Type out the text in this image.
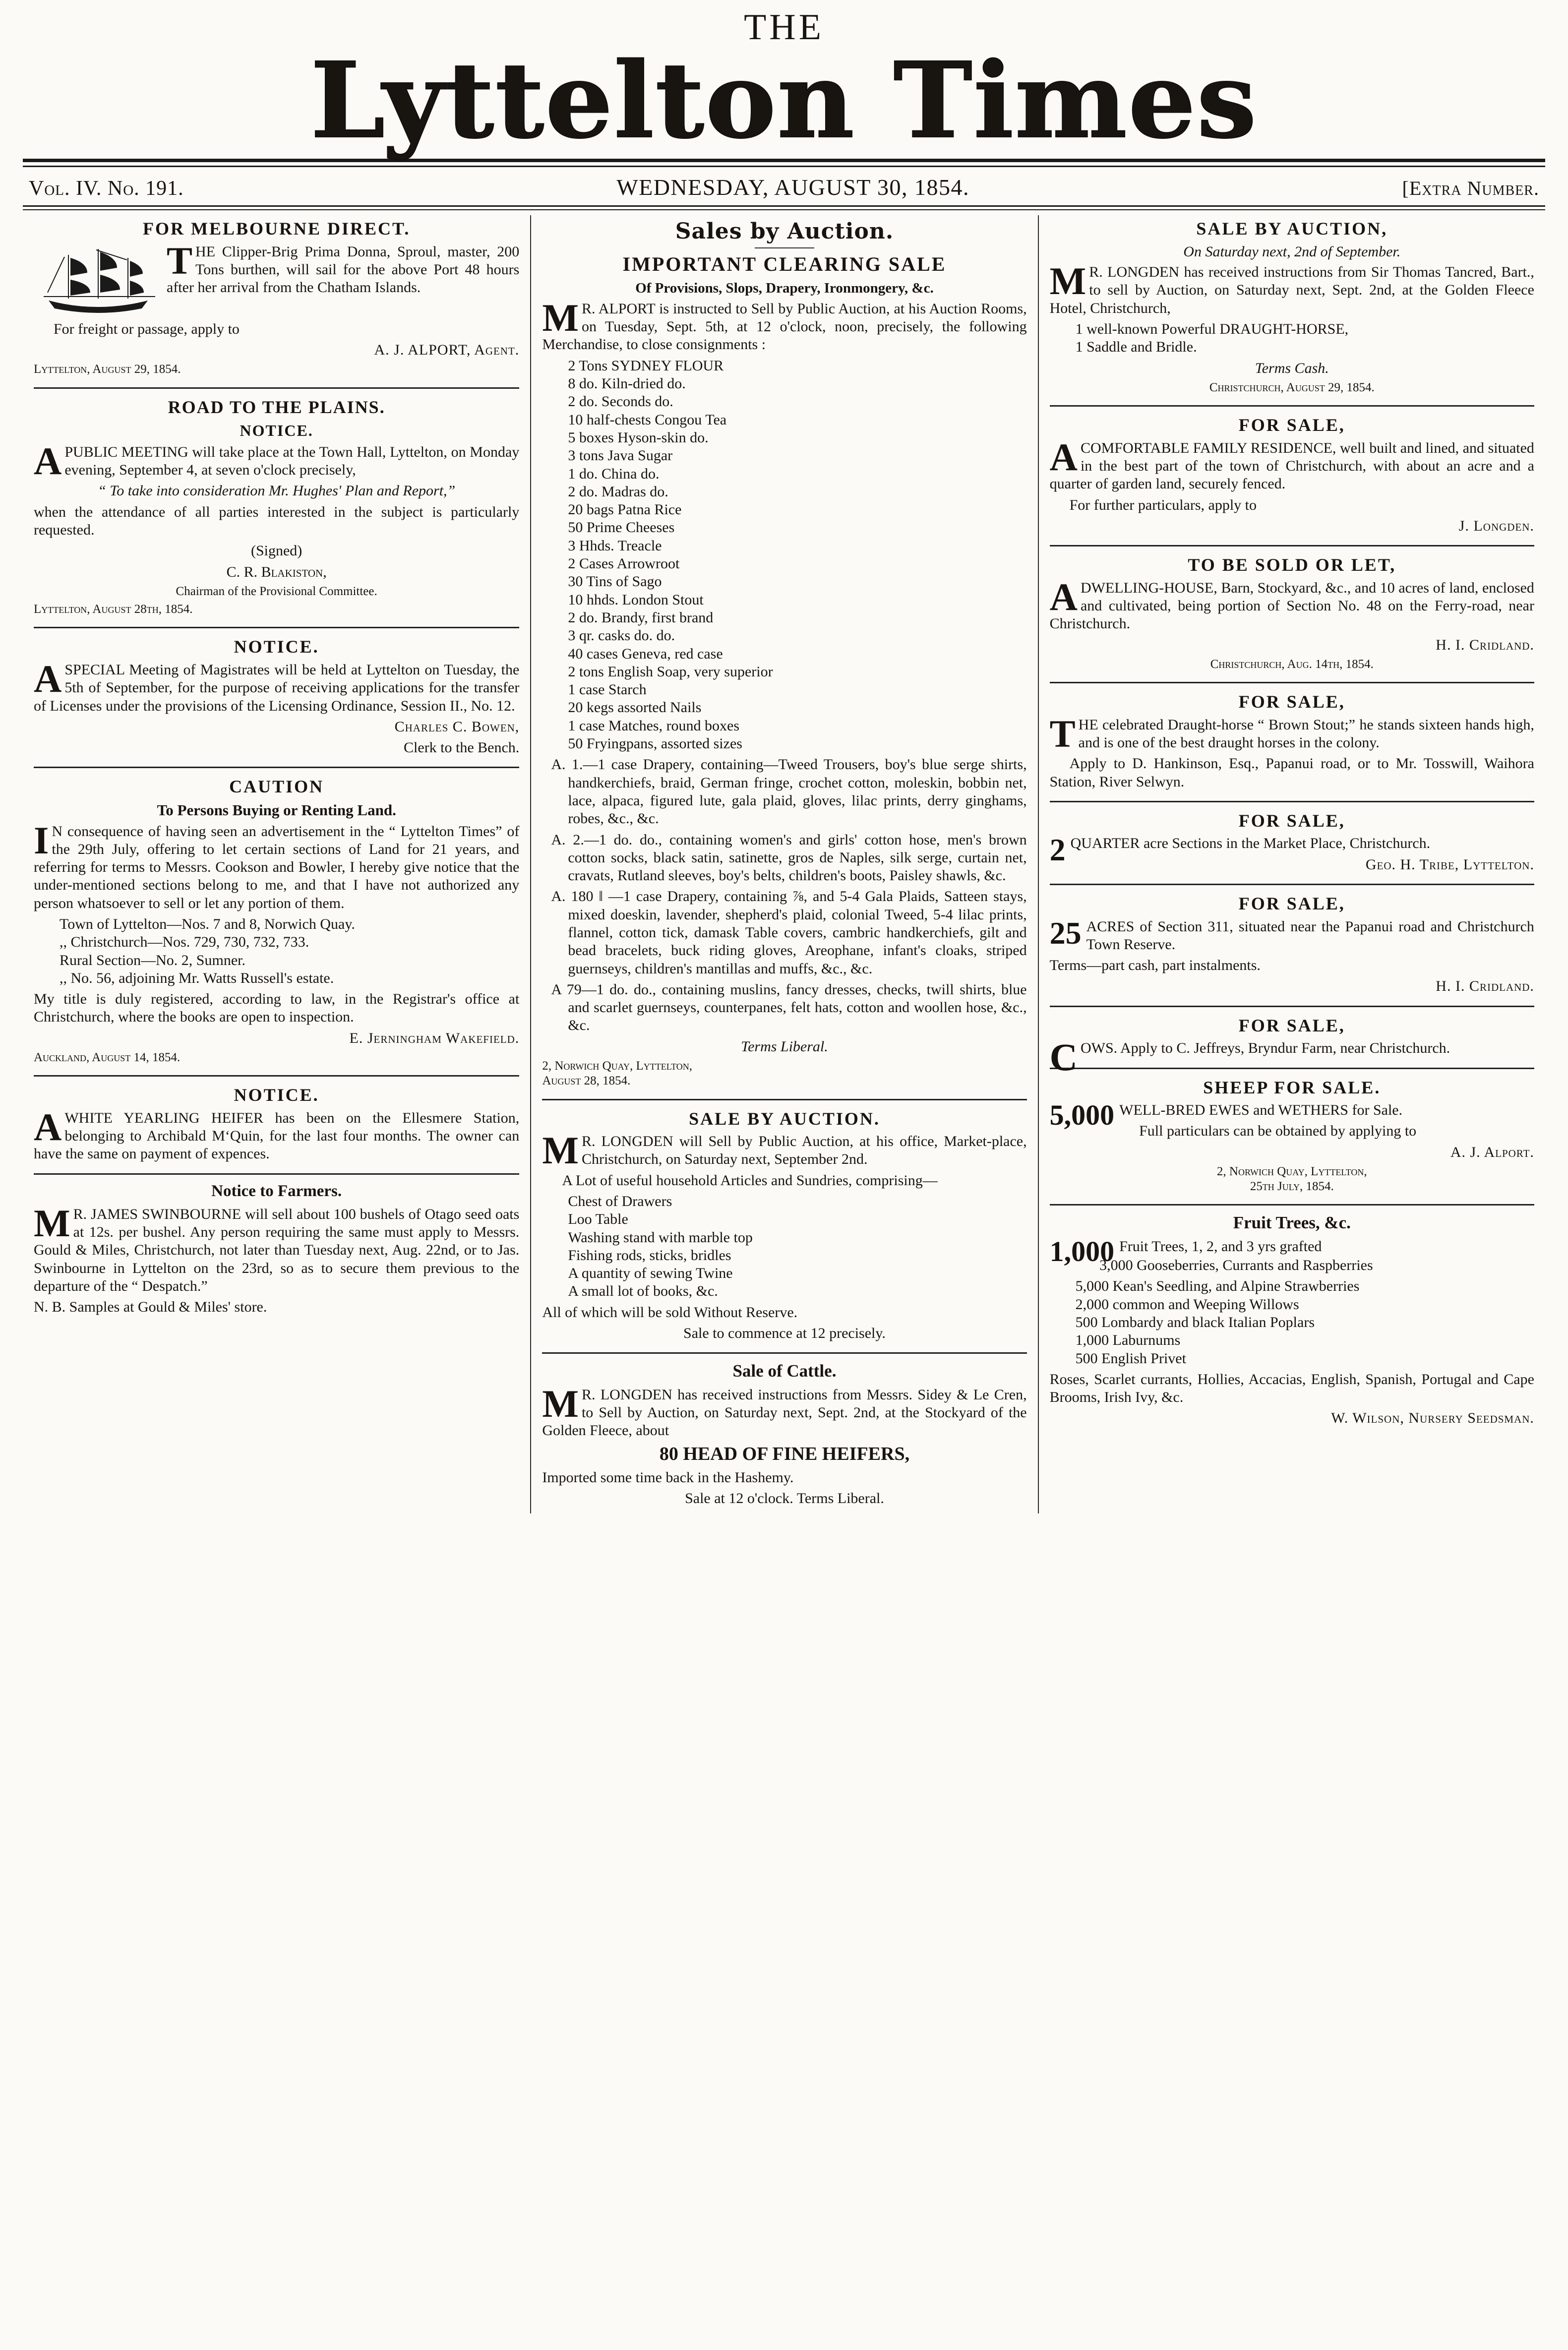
THE
Lyttelton Times
Vol. IV. No. 191.	WEDNESDAY, AUGUST 30, 1854.	[Extra Number.
FOR MELBOURNE DIRECT.

THE Clipper-Brig Prima Donna, Sproul, master, 200 Tons burthen, will sail for the above Port 48 hours after her arrival from the Chatham Islands.

For freight or passage, apply to

A. J. ALPORT, Agent.

Lyttelton, August 29, 1854.

ROAD TO THE PLAINS.
NOTICE.

APUBLIC MEETING will take place at the Town Hall, Lyttelton, on Monday evening, September 4, at seven o'clock precisely,

“ To take into consideration Mr. Hughes' Plan and Report,”

when the attendance of all parties interested in the subject is particularly requested.

(Signed)

C. R. Blakiston,

Chairman of the Provisional Committee.

Lyttelton, August 28th, 1854.

NOTICE.

ASPECIAL Meeting of Magistrates will be held at Lyttelton on Tuesday, the 5th of September, for the purpose of receiving applications for the transfer of Licenses under the provisions of the Licensing Ordinance, Session II., No. 12.

Charles C. Bowen,

Clerk to the Bench.

CAUTION
To Persons Buying or Renting Land.

IN consequence of having seen an advertisement in the “ Lyttelton Times” of the 29th July, offering to let certain sections of Land for 21 years, and referring for terms to Messrs. Cookson and Bowler, I hereby give notice that the under-mentioned sections belong to me, and that I have not authorized any person whatsoever to sell or let any portion of them.

Town of Lyttelton—Nos. 7 and 8, Norwich Quay.
,, Christchurch—Nos. 729, 730, 732, 733.
Rural Section—No. 2, Sumner.
,, No. 56, adjoining Mr. Watts Russell's estate.

My title is duly registered, according to law, in the Registrar's office at Christchurch, where the books are open to inspection.

E. Jerningham Wakefield.

Auckland, August 14, 1854.

NOTICE.

AWHITE YEARLING HEIFER has been on the Ellesmere Station, belonging to Archibald M‘Quin, for the last four months. The owner can have the same on payment of expences.

Notice to Farmers.

MR. JAMES SWINBOURNE will sell about 100 bushels of Otago seed oats at 12s. per bushel. Any person requiring the same must apply to Messrs. Gould & Miles, Christchurch, not later than Tuesday next, Aug. 22nd, or to Jas. Swinbourne in Lyttelton on the 23rd, so as to secure them previous to the departure of the “ Despatch.”

N. B. Samples at Gould & Miles' store.

Sales by Auction.
IMPORTANT CLEARING SALE
Of Provisions, Slops, Drapery, Ironmongery, &c.

MR. ALPORT is instructed to Sell by Public Auction, at his Auction Rooms, on Tuesday, Sept. 5th, at 12 o'clock, noon, precisely, the following Merchandise, to close consignments :

2 Tons SYDNEY FLOUR
8 do. Kiln-dried do.
2 do. Seconds do.
10 half-chests Congou Tea
5 boxes Hyson-skin do.
3 tons Java Sugar
1 do. China do.
2 do. Madras do.
20 bags Patna Rice
50 Prime Cheeses
3 Hhds. Treacle
2 Cases Arrowroot
30 Tins of Sago
10 hhds. London Stout
2 do. Brandy, first brand
3 qr. casks do. do.
40 cases Geneva, red case
2 tons English Soap, very superior
1 case Starch
20 kegs assorted Nails
1 case Matches, round boxes
50 Fryingpans, assorted sizes
A. 1.—1 case Drapery, containing—Tweed Trousers, boy's blue serge shirts, handkerchiefs, braid, German fringe, crochet cotton, moleskin, bobbin net, lace, alpaca, figured lute, gala plaid, gloves, lilac prints, derry ginghams, robes, &c., &c.
A. 2.—1 do. do., containing women's and girls' cotton hose, men's brown cotton socks, black satin, satinette, gros de Naples, silk serge, curtain net, cravats, Rutland sleeves, boy's belts, children's boots, Paisley shawls, &c.
A. 180 ‖ —1 case Drapery, containing ⅞, and 5-4 Gala Plaids, Satteen stays, mixed doeskin, lavender, shepherd's plaid, colonial Tweed, 5-4 lilac prints, flannel, cotton tick, damask Table covers, cambric handkerchiefs, gilt and bead bracelets, buck riding gloves, Areophane, infant's cloaks, striped guernseys, children's mantillas and muffs, &c., &c.
A 79—1 do. do., containing muslins, fancy dresses, checks, twill shirts, blue and scarlet guernseys, counterpanes, felt hats, cotton and woollen hose, &c., &c.

Terms Liberal.

2, Norwich Quay, Lyttelton,

August 28, 1854.

SALE BY AUCTION.

MR. LONGDEN will Sell by Public Auction, at his office, Market-place, Christchurch, on Saturday next, September 2nd.

A Lot of useful household Articles and Sundries, comprising—

Chest of Drawers
Loo Table
Washing stand with marble top
Fishing rods, sticks, bridles
A quantity of sewing Twine
A small lot of books, &c.

All of which will be sold Without Reserve.

Sale to commence at 12 precisely.

Sale of Cattle.

MR. LONGDEN has received instructions from Messrs. Sidey & Le Cren, to Sell by Auction, on Saturday next, Sept. 2nd, at the Stockyard of the Golden Fleece, about

80 HEAD OF FINE HEIFERS,

Imported some time back in the Hashemy.

Sale at 12 o'clock. Terms Liberal.

SALE BY AUCTION,
On Saturday next, 2nd of September.

MR. LONGDEN has received instructions from Sir Thomas Tancred, Bart., to sell by Auction, on Saturday next, Sept. 2nd, at the Golden Fleece Hotel, Christchurch,

1 well-known Powerful DRAUGHT-HORSE,
1 Saddle and Bridle.

Terms Cash.

Christchurch, August 29, 1854.

FOR SALE,

ACOMFORTABLE FAMILY RESIDENCE, well built and lined, and situated in the best part of the town of Christchurch, with about an acre and a quarter of garden land, securely fenced.

For further particulars, apply to

J. Longden.

TO BE SOLD OR LET,

ADWELLING-HOUSE, Barn, Stockyard, &c., and 10 acres of land, enclosed and cultivated, being portion of Section No. 48 on the Ferry-road, near Christchurch.

H. I. Cridland.

Christchurch, Aug. 14th, 1854.

FOR SALE,

THE celebrated Draught-horse “ Brown Stout;” he stands sixteen hands high, and is one of the best draught horses in the colony.

Apply to D. Hankinson, Esq., Papanui road, or to Mr. Tosswill, Waihora Station, River Selwyn.

FOR SALE,

2 QUARTER acre Sections in the Market Place, Christchurch.

Geo. H. Tribe, Lyttelton.

FOR SALE,

25 ACRES of Section 311, situated near the Papanui road and Christchurch Town Reserve.

Terms—part cash, part instalments.

H. I. Cridland.

FOR SALE,

COWS. Apply to C. Jeffreys, Bryndur Farm, near Christchurch.

SHEEP FOR SALE.

5,000 WELL-BRED EWES and WETHERS for Sale.

Full particulars can be obtained by applying to

A. J. Alport.

2, Norwich Quay, Lyttelton,

25th July, 1854.

Fruit Trees, &c.

1,000 Fruit Trees, 1, 2, and 3 yrs grafted

3,000 Gooseberries, Currants and Raspberries

5,000 Kean's Seedling, and Alpine Strawberries
2,000 common and Weeping Willows
500 Lombardy and black Italian Poplars
1,000 Laburnums
500 English Privet

Roses, Scarlet currants, Hollies, Accacias, English, Spanish, Portugal and Cape Brooms, Irish Ivy, &c.

W. Wilson, Nursery Seedsman.
